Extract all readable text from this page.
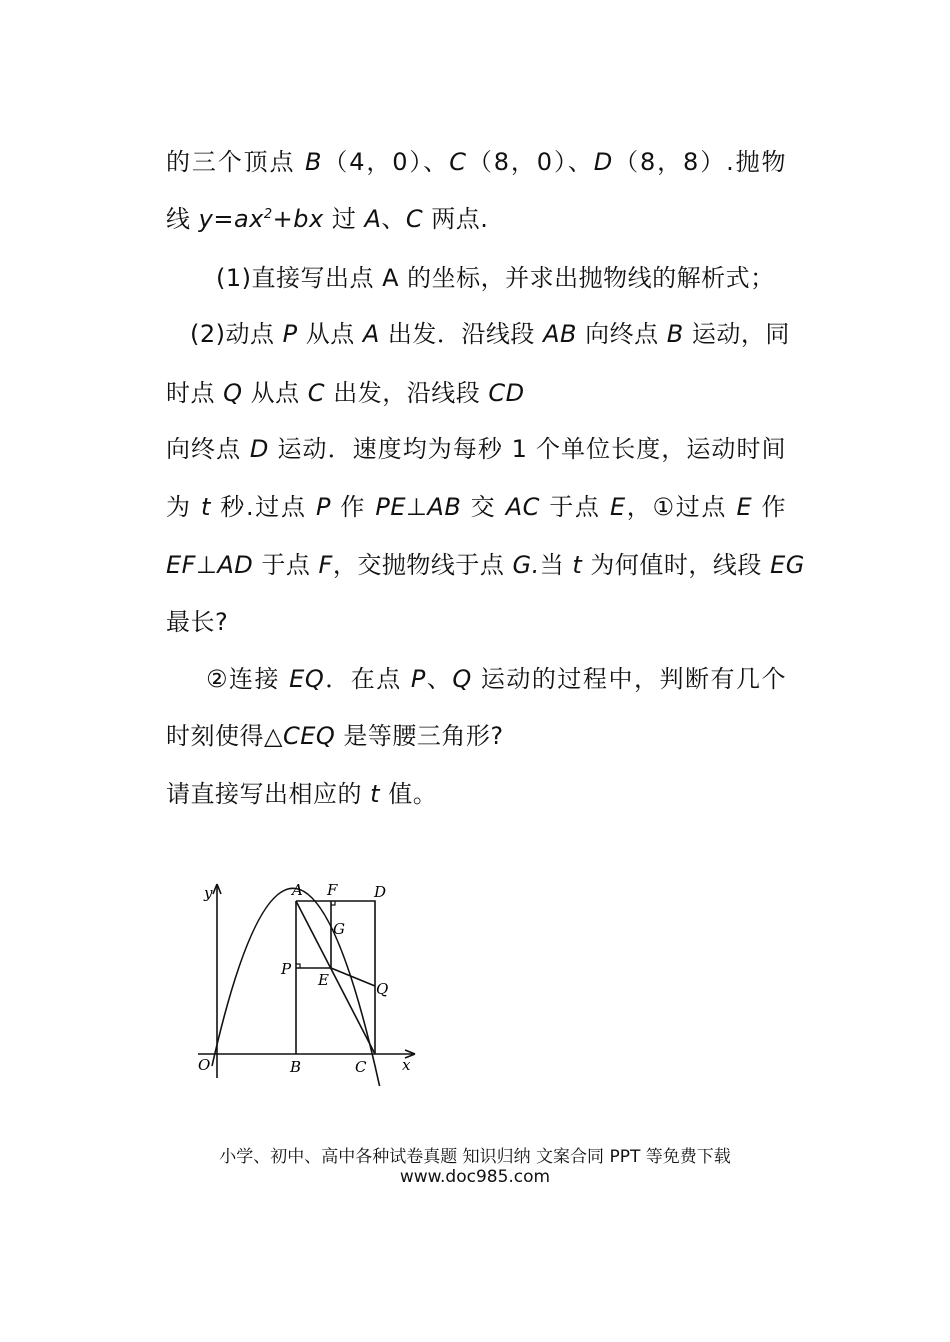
的三个顶点 B（4，0）、C（8，0）、D（8，8）.抛物
线 $y=ax^2+bx$ 过 A、C 两点.
(1)直接写出点 A 的坐标，并求出抛物线的解析式；
(2)动点 P 从点 A 出发．沿线段 AB 向终点 B 运动，同
时点 Q 从点 C 出发，沿线段 CD
向终点 D 运动．速度均为每秒 1 个单位长度，运动时间
为 t 秒.过点 P 作 PE⊥AB 交 AC 于点 E，①过点 E 作
EF⊥AD 于点 F，交抛物线于点 G.当 t 为何值时，线段 EG
最长?
②连接 EQ．在点 P、Q 运动的过程中，判断有几个
时刻使得△CEQ 是等腰三角形?
请直接写出相应的 t 值。
y
x
O
A F D
G
P
E	Q
B	C
小学、初中、高中各种试卷真题 知识归纳 文案合同 PPT 等免费下载
www.doc985.com
